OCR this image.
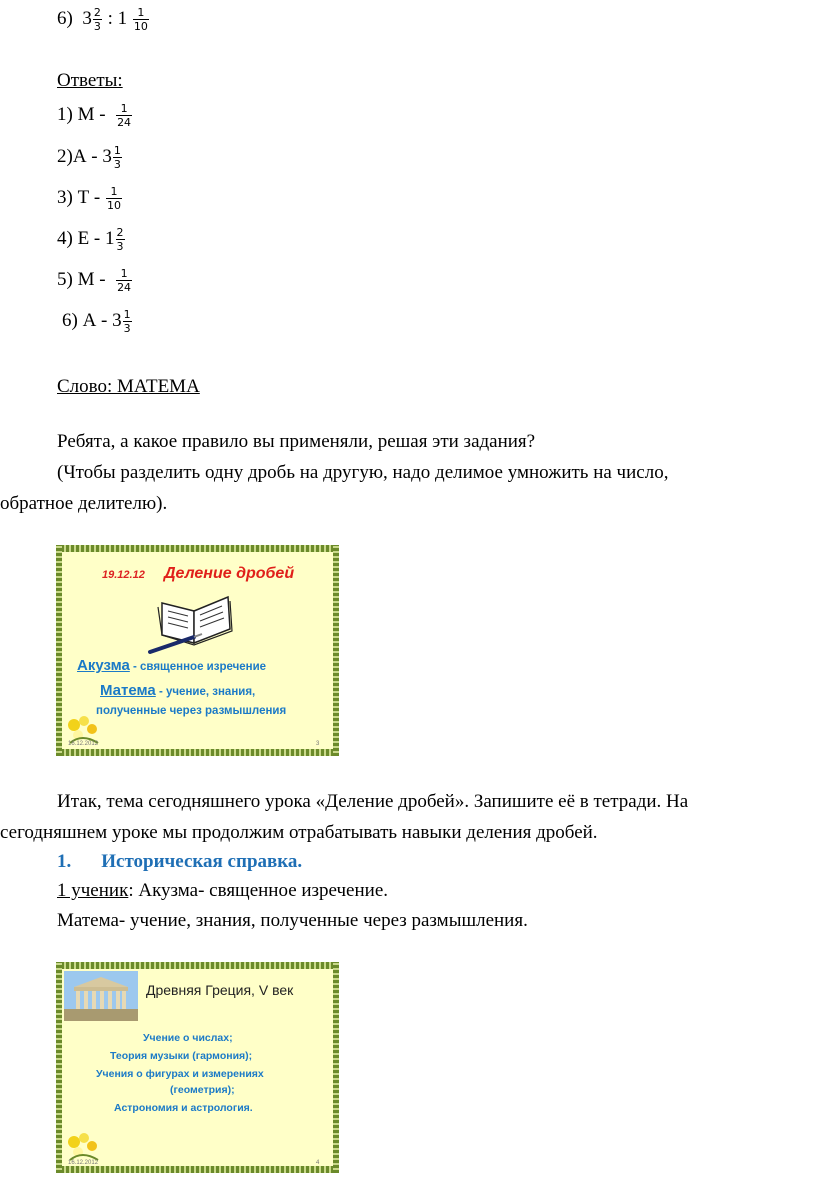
6) $3 \frac{2}{3}$ : $1 \frac{1}{10}$
Ответы:
1) М - $\frac{1}{24}$
$2)А - 3 \frac{1}{3}$
3) Т - $\frac{1}{10}$
4) Е - $1 \frac{2}{3}$
5) М - $\frac{1}{24}$
6) А - $3 \frac{1}{3}$
Слово: МАТЕМА
Ребята, а какое правило вы применяли, решая эти задания?
(Чтобы разделить одну дробь на другую, надо делимое умножить на число,
обратное делителю).
19.12.12 Деление дробей
Акузма - священное изречение
Матема - учение, знания,
полученные через размышления
16.12.2012	3
Итак, тема сегодняшнего урока «Деление дробей». Запишите её в тетради. На
сегодняшнем уроке мы продолжим отрабатывать навыки деления дробей.
1. Историческая справка.
1 ученик: Акузма- священное изречение.
Матема- учение, знания, полученные через размышления.
Древняя Греция, V век
Учение о числах;
Теория музыки (гармония);
Учения о фигурах и измерениях
(геометрия);
Астрономия и астрология.
16.12.2012	4
